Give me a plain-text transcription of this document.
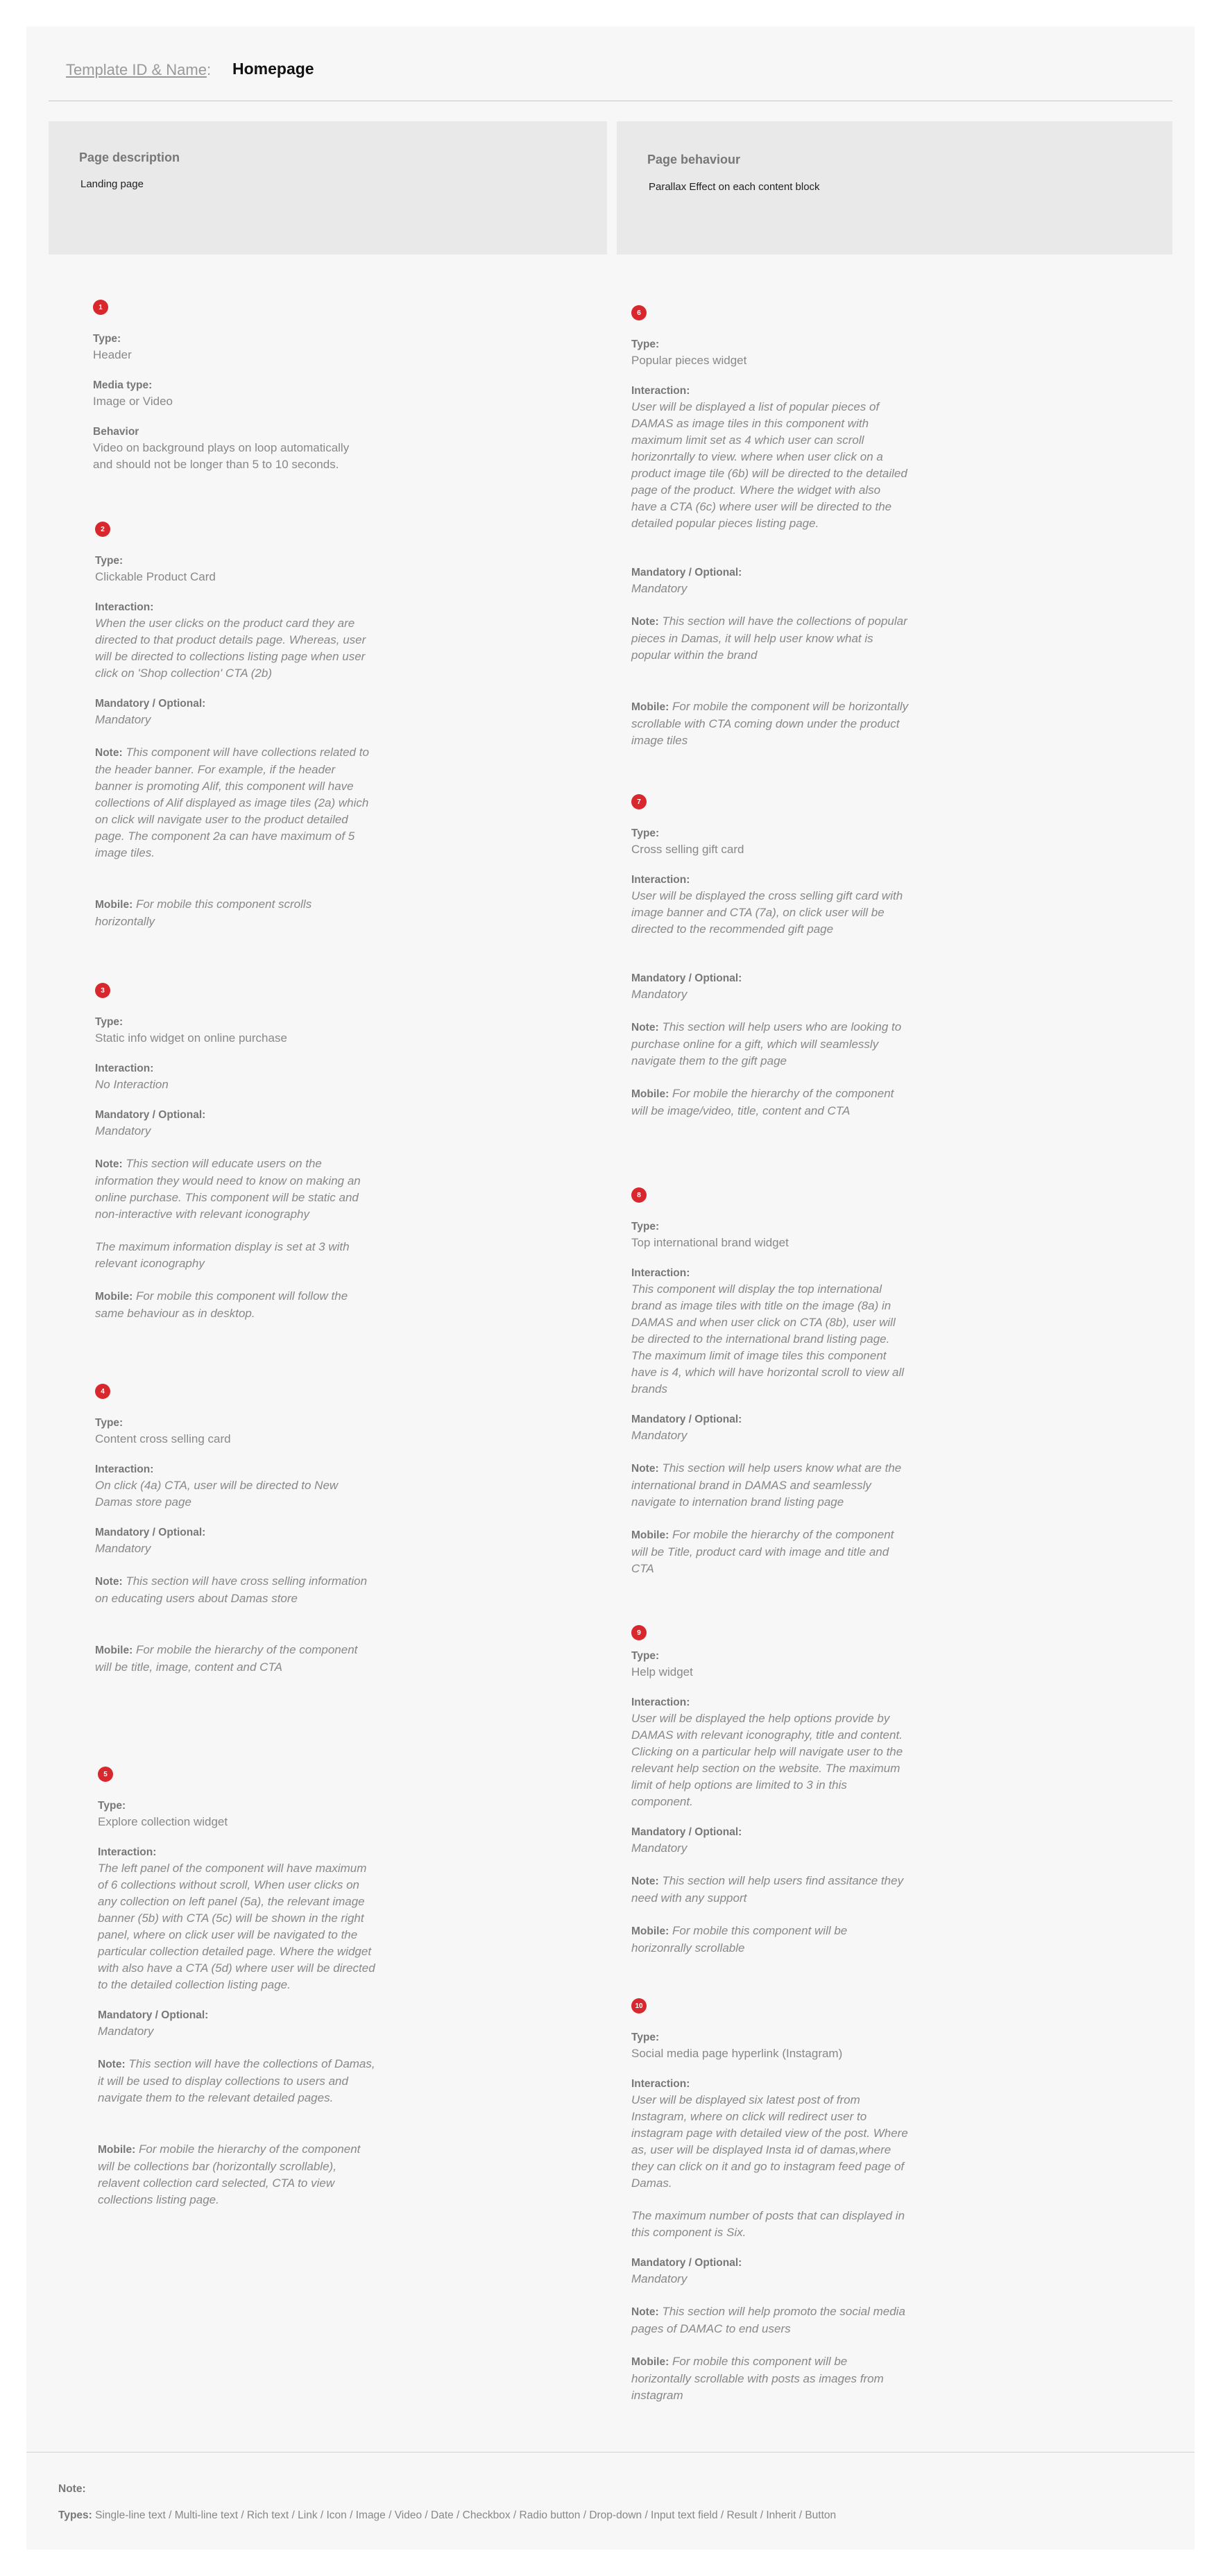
Template ID & Name: Homepage
Page description
Landing page
Page behaviour
Parallax Effect on each content block
1
Type:
Header
Media type:
Image or Video
Behavior
Video on background plays on loop automatically and should not be longer than 5 to 10 seconds.
2
Type:
Clickable Product Card
Interaction:
When the user clicks on the product card they are directed to that product details page. Whereas, user will be directed to collections listing page when user click on 'Shop collection' CTA (2b)
Mandatory / Optional:
Mandatory
Note: This component will have collections related to the header banner. For example, if the header banner is promoting Alif, this component will have collections of Alif displayed as image tiles (2a) which on click will navigate user to the product detailed page. The component 2a can have maximum of 5 image tiles.
Mobile: For mobile this component scrolls horizontally
3
Type:
Static info widget on online purchase
Interaction:
No Interaction
Mandatory / Optional:
Mandatory
Note: This section will educate users on the information they would need to know on making an online purchase. This component will be static and non-interactive with relevant iconography
The maximum information display is set at 3 with relevant iconography
Mobile: For mobile this component will follow the same behaviour as in desktop.
4
Type:
Content cross selling card
Interaction:
On click (4a) CTA, user will be directed to New Damas store page
Mandatory / Optional:
Mandatory
Note: This section will have cross selling information on educating users about Damas store
Mobile: For mobile the hierarchy of the component will be title, image, content and CTA
5
Type:
Explore collection widget
Interaction:
The left panel of the component will have maximum of 6 collections without scroll, When user clicks on any collection on left panel (5a), the relevant image banner (5b) with CTA (5c) will be shown in the right panel, where on click user will be navigated to the particular collection detailed page. Where the widget with also have a CTA (5d) where user will be directed to the detailed collection listing page.
Mandatory / Optional:
Mandatory
Note: This section will have the collections of Damas, it will be used to display collections to users and navigate them to the relevant detailed pages.
Mobile: For mobile the hierarchy of the component will be collections bar (horizontally scrollable), relavent collection card selected, CTA to view collections listing page.
6
Type:
Popular pieces widget
Interaction:
User will be displayed a list of popular pieces of DAMAS as image tiles in this component with maximum limit set as 4 which user can scroll horizonrtally to view. where when user click on a product image tile (6b) will be directed to the detailed page of the product. Where the widget with also have a CTA (6c) where user will be directed to the detailed popular pieces listing page.
Mandatory / Optional:
Mandatory
Note: This section will have the collections of popular pieces in Damas, it will help user know what is popular within the brand
Mobile: For mobile the component will be horizontally scrollable with CTA coming down under the product image tiles
7
Type:
Cross selling gift card
Interaction:
User will be displayed the cross selling gift card with image banner and CTA (7a), on click user will be directed to the recommended gift page
Mandatory / Optional:
Mandatory
Note: This section will help users who are looking to purchase online for a gift, which will seamlessly navigate them to the gift page
Mobile: For mobile the hierarchy of the component will be image/video, title, content and CTA
8
Type:
Top international brand widget
Interaction:
This component will display the top international brand as image tiles with title on the image (8a) in DAMAS and when user click on CTA (8b), user will be directed to the international brand listing page. The maximum limit of image tiles this component have is 4, which will have horizontal scroll to view all brands
Mandatory / Optional:
Mandatory
Note: This section will help users know what are the international brand in DAMAS and seamlessly navigate to internation brand listing page
Mobile: For mobile the hierarchy of the component will be Title, product card with image and title and CTA
9
Type:
Help widget
Interaction:
User will be displayed the help options provide by DAMAS with relevant iconography, title and content. Clicking on a particular help will navigate user to the relevant help section on the website. The maximum limit of help options are limited to 3 in this component.
Mandatory / Optional:
Mandatory
Note: This section will help users find assitance they need with any support
Mobile: For mobile this component will be horizonrally scrollable
10
Type:
Social media page hyperlink (Instagram)
Interaction:
User will be displayed six latest post of from Instagram, where on click will redirect user to instagram page with detailed view of the post. Where as, user will be displayed Insta id of damas,where they can click on it and go to instagram feed page of Damas.
The maximum number of posts that can displayed in this component is Six.
Mandatory / Optional:
Mandatory
Note: This section will help promoto the social media pages of DAMAC to end users
Mobile: For mobile this component will be horizontally scrollable with posts as images from instagram
Note:
Types: Single-line text / Multi-line text / Rich text / Link / Icon / Image / Video / Date / Checkbox / Radio button / Drop-down / Input text field / Result / Inherit / Button
